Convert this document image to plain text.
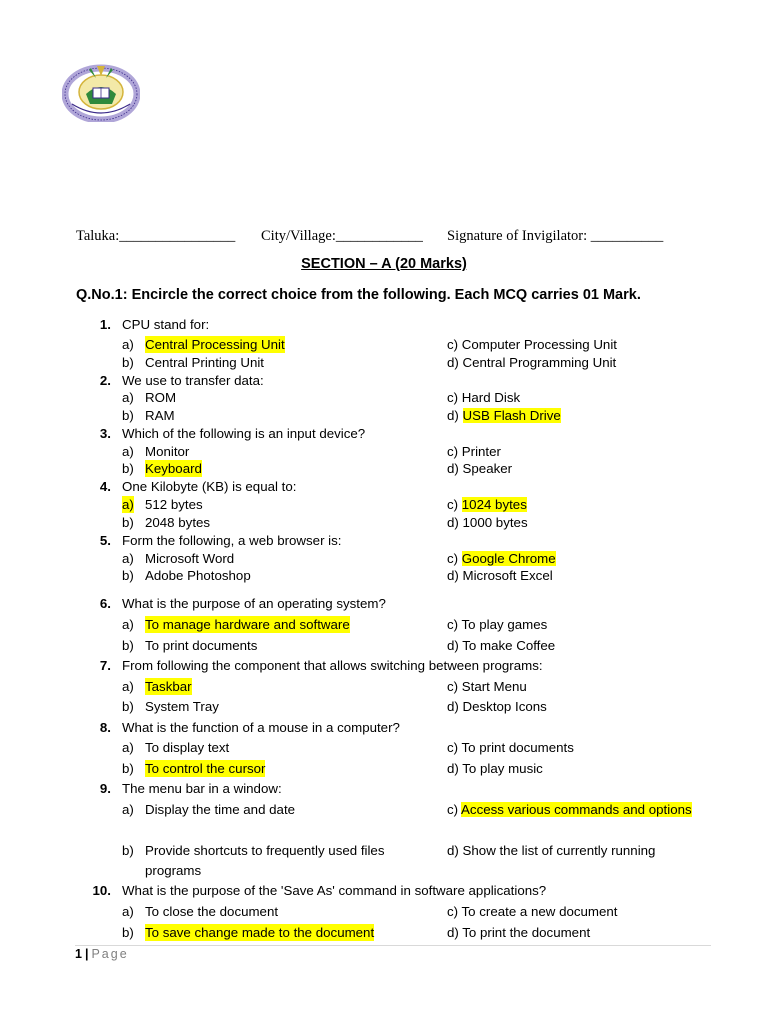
Taluka:________________ City/Village:____________ Signature of Invigilator: __________
SECTION – A (20 Marks)
Q.No.1: Encircle the correct choice from the following. Each MCQ carries 01 Mark.
1. CPU stand for:
a) Central Processing Unit	c) Computer Processing Unit
b) Central Printing Unit	d) Central Programming Unit
2. We use to transfer data:
a) ROM	c) Hard Disk
b) RAM	d) USB Flash Drive
3. Which of the following is an input device?
a) Monitor	c) Printer
b) Keyboard	d) Speaker
4. One Kilobyte (KB) is equal to:
a) 512 bytes	c) 1024 bytes
b) 2048 bytes	d) 1000 bytes
5. Form the following, a web browser is:
a) Microsoft Word	c) Google Chrome
b) Adobe Photoshop	d) Microsoft Excel
6. What is the purpose of an operating system?
a) To manage hardware and software	c) To play games
b) To print documents	d) To make Coffee
7. From following the component that allows switching between programs:
a) Taskbar	c) Start Menu
b) System Tray	d) Desktop Icons
8. What is the function of a mouse in a computer?
a) To display text	c) To print documents
b) To control the cursor	d) To play music
9. The menu bar in a window:
a) Display the time and date	c) Access various commands and options
b) Provide shortcuts to frequently used files	d) Show the list of currently running
programs
10. What is the purpose of the 'Save As' command in software applications?
a) To close the document	c) To create a new document
b) To save change made to the document	d) To print the document
1 | Page
